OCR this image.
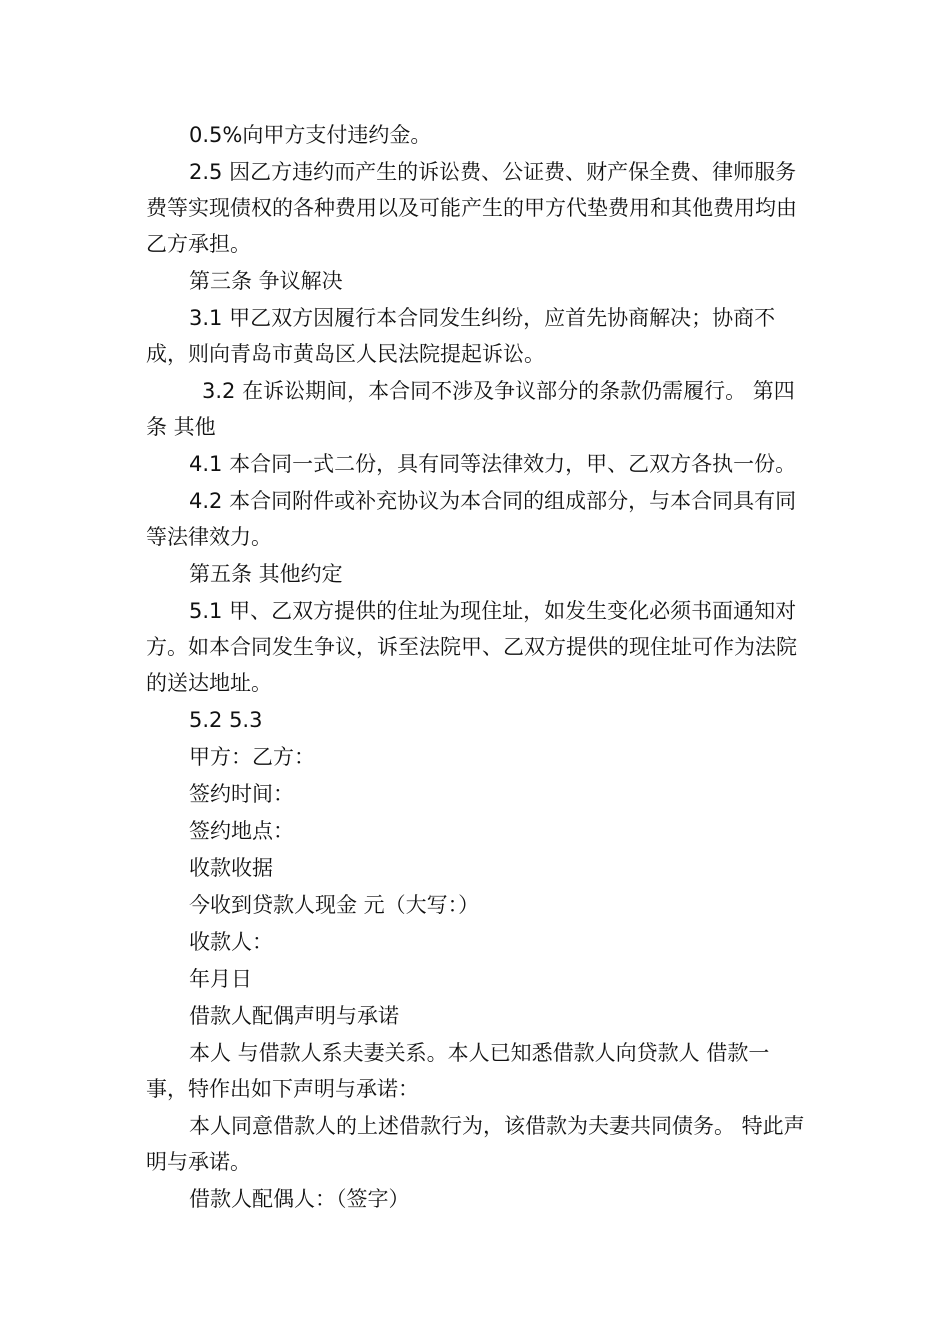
0.5%向甲方支付违约金。

2.5 因乙方违约而产生的诉讼费、公证费、财产保全费、律师服务费等实现债权的各种费用以及可能产生的甲方代垫费用和其他费用均由乙方承担。

第三条 争议解决

3.1 甲乙双方因履行本合同发生纠纷，应首先协商解决；协商不成，则向青岛市黄岛区人民法院提起诉讼。

3.2 在诉讼期间，本合同不涉及争议部分的条款仍需履行。 第四条 其他

4.1 本合同一式二份，具有同等法律效力，甲、乙双方各执一份。

4.2 本合同附件或补充协议为本合同的组成部分，与本合同具有同等法律效力。

第五条 其他约定

5.1 甲、乙双方提供的住址为现住址，如发生变化必须书面通知对方。如本合同发生争议，诉至法院甲、乙双方提供的现住址可作为法院的送达地址。

5.2 5.3

甲方：乙方：

签约时间：

签约地点：

收款收据

今收到贷款人现金 元（大写：）

收款人：

年月日

借款人配偶声明与承诺

本人 与借款人系夫妻关系。本人已知悉借款人向贷款人 借款一事，特作出如下声明与承诺：

本人同意借款人的上述借款行为，该借款为夫妻共同债务。 特此声明与承诺。

借款人配偶人：（签字）
